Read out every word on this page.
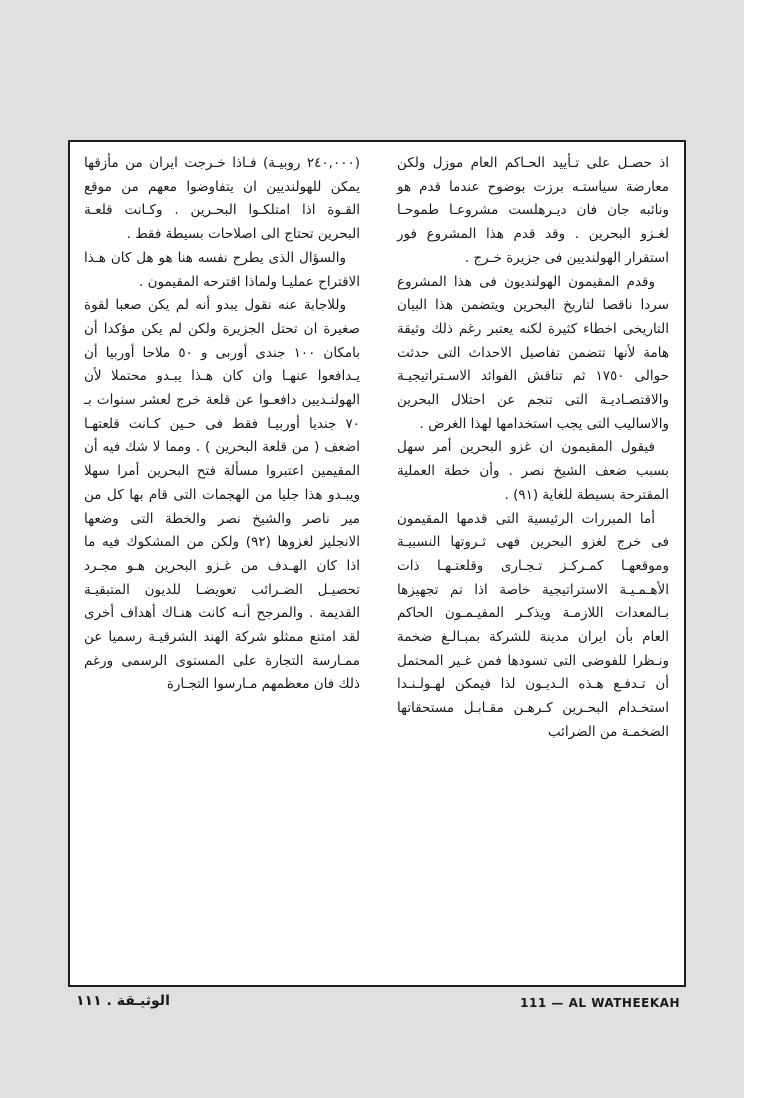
اذ حصـل على تـأييد الحـاكم العام موزل ولكن معارضة سياستـه برزت بوضوح عندما قدم هو ونائبه جان فان ديـرهلست مشروعـا طموحـا لغـزو البحرين . وقد قدم هذا المشروع فور استقرار الهولنديين فى جزيرة خـرج .

وقدم المقيمون الهولنديون فى هذا المشروع سردا ناقصا لتاريخ البحرين ويتضمن هذا البيان التاريخى اخطاء كثيرة لكنه يعتبر رغم ذلك وثيقة هامة لأنها تتضمن تفاصيل الاحداث التى حدثت حوالى ١٧٥٠ ثم تناقش الفوائد الاسـتراتيجيـة والاقتصـاديـة التى تنجم عن احتلال البحرين والاساليب التى يجب استخدامها لهذا الغرض .

فيقول المقيمون ان غزو البحرين أمر سهل بسبب ضعف الشيخ نصر . وأن خطة العملية المقترحة بسيطة للغاية (٩١) .

أما المبررات الرئيسية التى قدمها المقيمون فى خرج لغزو البحرين فهى ثـروتها النسبيـة وموقعهـا كمـركـز تـجـارى وقلعتـهـا ذات الأهـمـيـة الاستراتيجية خاصة اذا تم تجهيزها بـالمعدات اللازمـة ويذكـر المقيـمـون الحاكم العام بأن ايران مدينة للشركة بمبـالـغ ضخمة ونـظرا للفوضى التى تسودها فمن غـير المحتمل أن تـدفـع هـذه الـديـون لذا فيمكن لهـولـنـدا استخـدام البحـرين كـرهـن مقـابـل مستحقاتها الضخمـة من الضرائب

(٢٤٠,٠٠٠ روبيـة) فـاذا خـرجت ايران من مأزقها يمكن للهولنديين ان يتفاوضوا معهم من موقع القـوة اذا امتلكـوا البحـرين . وكـانت قلعـة البحرين تحتاج الى اصلاحات بسيطة فقط .

والسؤال الذى يطرح نفسه هنا هو هل كان هـذا الاقتراح عمليـا ولماذا اقترحه المقيمون .

وللاجابة عنه نقول يبدو أنه لم يكن صعبا لقوة صغيرة ان تحتل الجزيرة ولكن لم يكن مؤكدا أن بامكان ١٠٠ جندى أوربى و ٥٠ ملاحا أوربيا أن يـدافعوا عنهـا وان كان هـذا يبـدو محتملا لأن الهولنـديين دافعـوا عن قلعة خرج لعشر سنوات بـ ٧٠ جنديا أوربيـا فقط فى حـين كـانت قلعتهـا اضعف ( من قلعة البحرين ) . ومما لا شك فيه أن المقيمين اعتبروا مسألة فتح البحرين أمرا سهلا ويبـدو هذا جليا من الهجمات التى قام بها كل من مير ناصر والشيخ نصر والخطة التى وضعها الانجليز لغزوها (٩٢) ولكن من المشكوك فيه ما اذا كان الهـدف من غـزو البحرين هـو مجـرد تحصيـل الضـرائب تعويضـا للديون المتبقيـة القديمة . والمرجح أنـه كانت هنـاك أهداف أخرى لقد امتنع ممثلو شركة الهند الشرقيـة رسميا عن ممـارسة التجارة على المستوى الرسمى ورغم ذلك فان معظمهم مـارسوا التجـارة

111 — AL WATHEEKAH
الوثيـقة . ١١١
